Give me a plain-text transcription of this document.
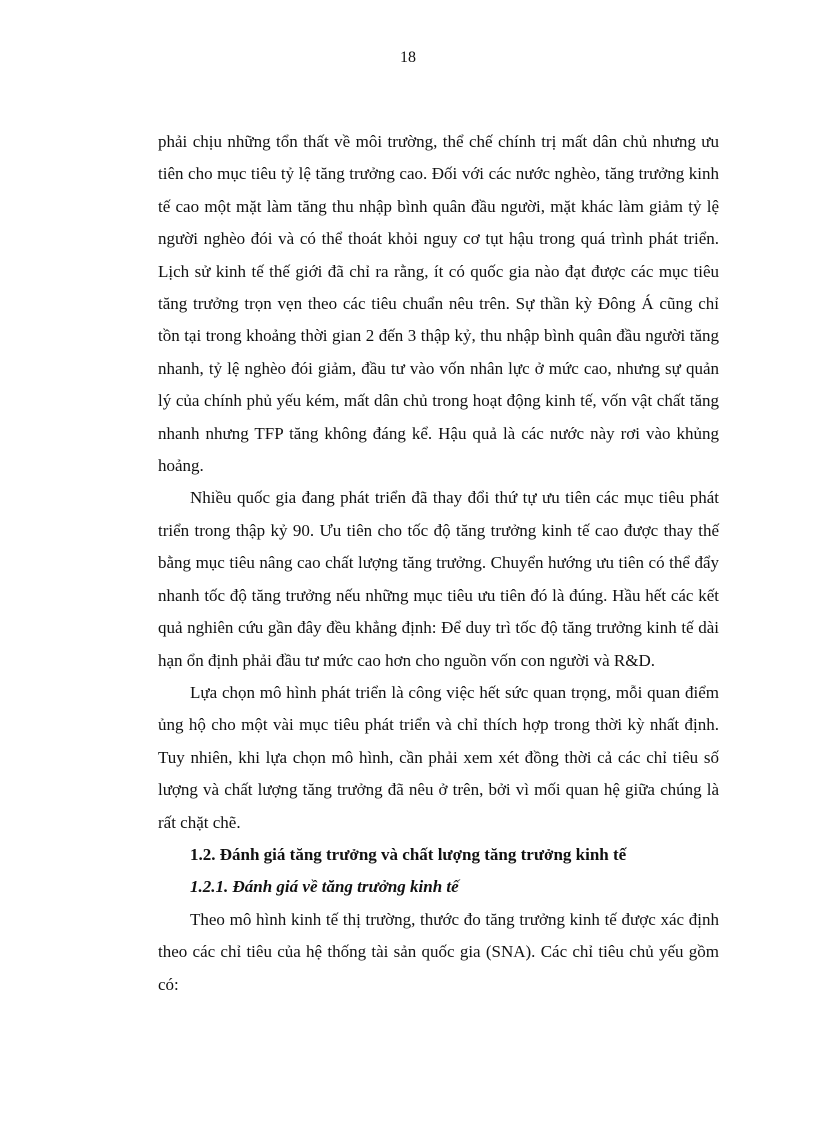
18

phải chịu những tổn thất về môi trường, thể chế chính trị mất dân chủ nhưng ưu tiên cho mục tiêu tỷ lệ tăng trưởng cao. Đối với các nước nghèo, tăng trưởng kinh tế cao một mặt làm tăng thu nhập bình quân đầu người, mặt khác làm giảm tỷ lệ người nghèo đói và có thể thoát khỏi nguy cơ tụt hậu trong quá trình phát triển. Lịch sử kinh tế thế giới đã chỉ ra rằng, ít có quốc gia nào đạt được các mục tiêu tăng trưởng trọn vẹn theo các tiêu chuẩn nêu trên. Sự thần kỳ Đông Á cũng chỉ tồn tại trong khoảng thời gian 2 đến 3 thập kỷ, thu nhập bình quân đầu người tăng nhanh, tỷ lệ nghèo đói giảm, đầu tư vào vốn nhân lực ở mức cao, nhưng sự quản lý của chính phủ yếu kém, mất dân chủ trong hoạt động kinh tế, vốn vật chất tăng nhanh nhưng TFP tăng không đáng kể. Hậu quả là các nước này rơi vào khủng hoảng.

Nhiều quốc gia đang phát triển đã thay đổi thứ tự ưu tiên các mục tiêu phát triển trong thập kỷ 90. Ưu tiên cho tốc độ tăng trưởng kinh tế cao được thay thế bằng mục tiêu nâng cao chất lượng tăng trưởng. Chuyển hướng ưu tiên có thể đẩy nhanh tốc độ tăng trưởng nếu những mục tiêu ưu tiên đó là đúng. Hầu hết các kết quả nghiên cứu gần đây đều khẳng định: Để duy trì tốc độ tăng trưởng kinh tế dài hạn ổn định phải đầu tư mức cao hơn cho nguồn vốn con người và R&D.

Lựa chọn mô hình phát triển là công việc hết sức quan trọng, mỗi quan điểm ủng hộ cho một vài mục tiêu phát triển và chỉ thích hợp trong thời kỳ nhất định. Tuy nhiên, khi lựa chọn mô hình, cần phải xem xét đồng thời cả các chỉ tiêu số lượng và chất lượng tăng trưởng đã nêu ở trên, bởi vì mối quan hệ giữa chúng là rất chặt chẽ.

1.2. Đánh giá tăng trưởng và chất lượng tăng trưởng kinh tế

1.2.1. Đánh giá về tăng trưởng kinh tế

Theo mô hình kinh tế thị trường, thước đo tăng trưởng kinh tế được xác định theo các chỉ tiêu của hệ thống tài sản quốc gia (SNA). Các chỉ tiêu chủ yếu gồm có:
